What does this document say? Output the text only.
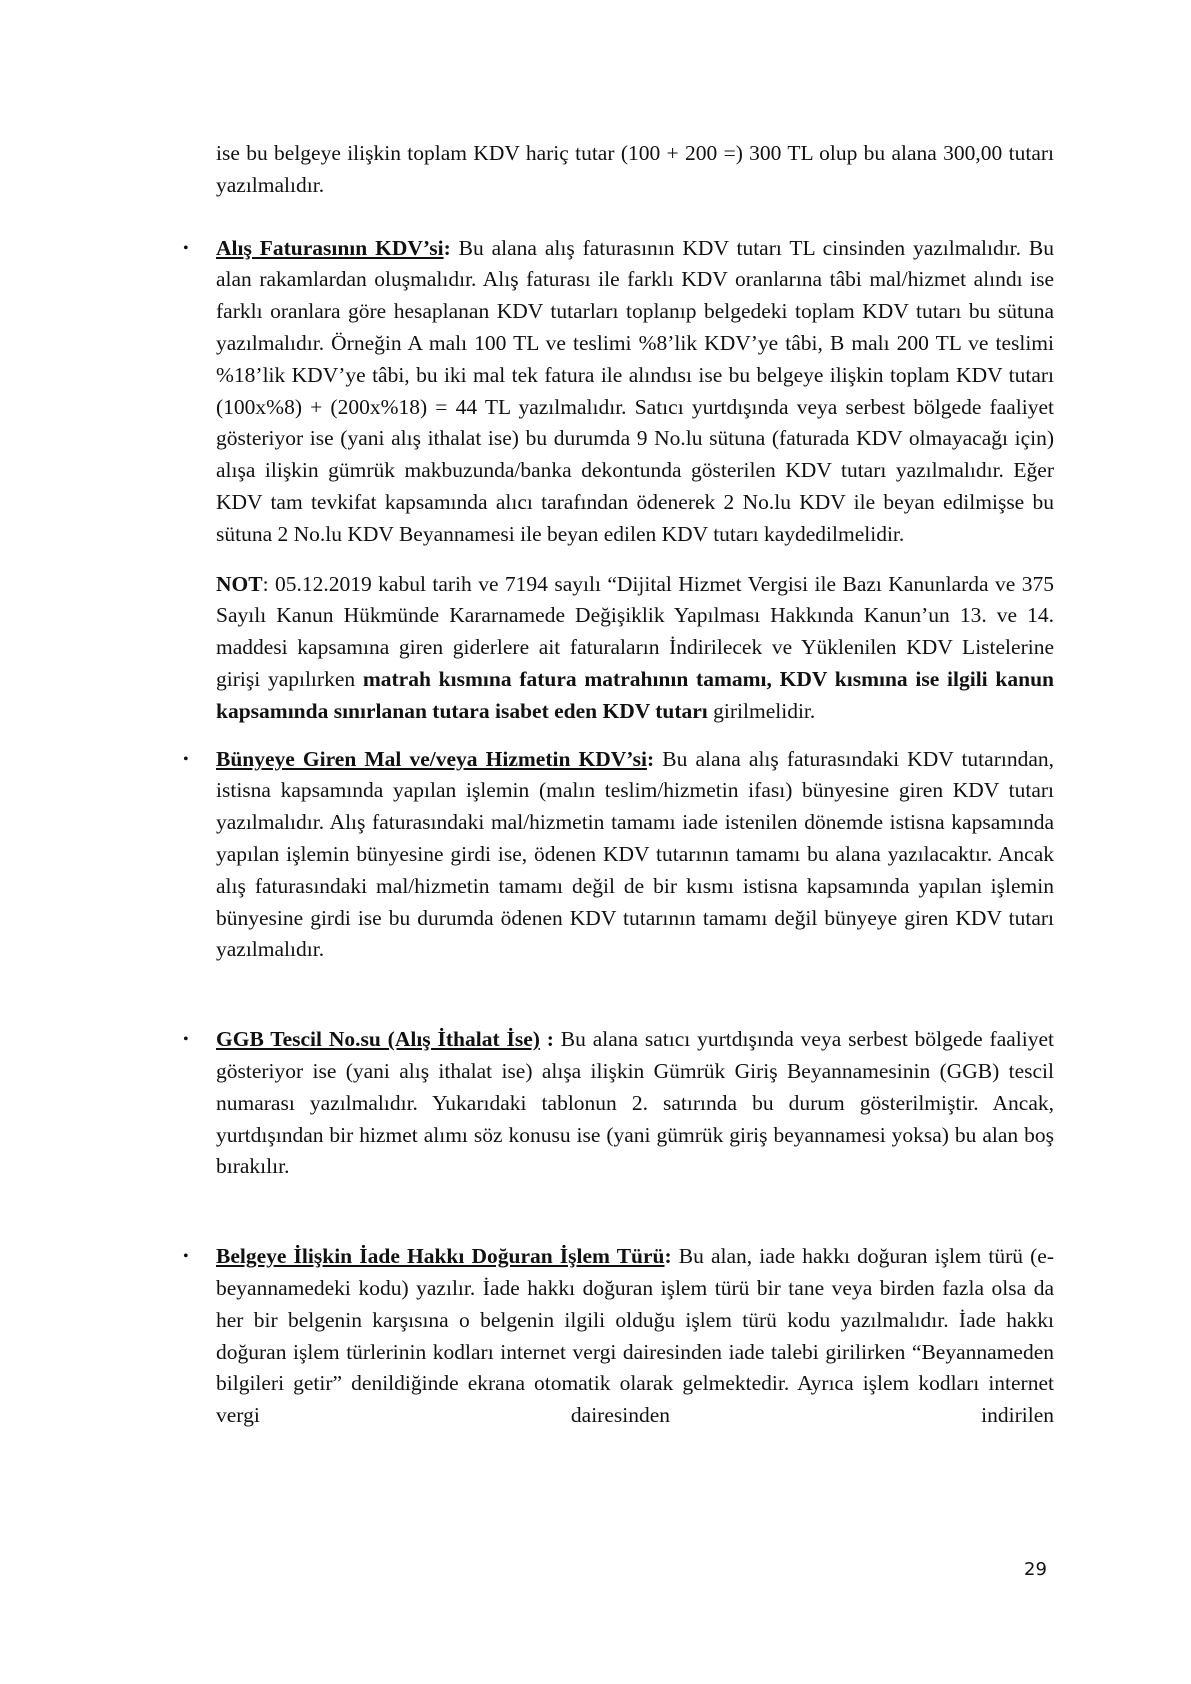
ise bu belgeye ilişkin toplam KDV hariç tutar (100 + 200 =) 300 TL olup bu alana 300,00 tutarı yazılmalıdır.

• Alış Faturasının KDV’si: Bu alana alış faturasının KDV tutarı TL cinsinden yazılmalıdır. Bu alan rakamlardan oluşmalıdır. Alış faturası ile farklı KDV oranlarına tâbi mal/hizmet alındı ise farklı oranlara göre hesaplanan KDV tutarları toplanıp belgedeki toplam KDV tutarı bu sütuna yazılmalıdır. Örneğin A malı 100 TL ve teslimi %8’lik KDV’ye tâbi, B malı 200 TL ve teslimi %18’lik KDV’ye tâbi, bu iki mal tek fatura ile alındısı ise bu belgeye ilişkin toplam KDV tutarı (100x%8) + (200x%18) = 44 TL yazılmalıdır. Satıcı yurtdışında veya serbest bölgede faaliyet gösteriyor ise (yani alış ithalat ise) bu durumda 9 No.lu sütuna (faturada KDV olmayacağı için) alışa ilişkin gümrük makbuzunda/banka dekontunda gösterilen KDV tutarı yazılmalıdır. Eğer KDV tam tevkifat kapsamında alıcı tarafından ödenerek 2 No.lu KDV ile beyan edilmişse bu sütuna 2 No.lu KDV Beyannamesi ile beyan edilen KDV tutarı kaydedilmelidir.

NOT: 05.12.2019 kabul tarih ve 7194 sayılı “Dijital Hizmet Vergisi ile Bazı Kanunlarda ve 375 Sayılı Kanun Hükmünde Kararnamede Değişiklik Yapılması Hakkında Kanun’un 13. ve 14. maddesi kapsamına giren giderlere ait faturaların İndirilecek ve Yüklenilen KDV Listelerine girişi yapılırken matrah kısmına fatura matrahının tamamı, KDV kısmına ise ilgili kanun kapsamında sınırlanan tutara isabet eden KDV tutarı girilmelidir.

• Bünyeye Giren Mal ve/veya Hizmetin KDV’si: Bu alana alış faturasındaki KDV tutarından, istisna kapsamında yapılan işlemin (malın teslim/hizmetin ifası) bünyesine giren KDV tutarı yazılmalıdır. Alış faturasındaki mal/hizmetin tamamı iade istenilen dönemde istisna kapsamında yapılan işlemin bünyesine girdi ise, ödenen KDV tutarının tamamı bu alana yazılacaktır. Ancak alış faturasındaki mal/hizmetin tamamı değil de bir kısmı istisna kapsamında yapılan işlemin bünyesine girdi ise bu durumda ödenen KDV tutarının tamamı değil bünyeye giren KDV tutarı yazılmalıdır.

• GGB Tescil No.su (Alış İthalat İse) : Bu alana satıcı yurtdışında veya serbest bölgede faaliyet gösteriyor ise (yani alış ithalat ise) alışa ilişkin Gümrük Giriş Beyannamesinin (GGB) tescil numarası yazılmalıdır. Yukarıdaki tablonun 2. satırında bu durum gösterilmiştir. Ancak, yurtdışından bir hizmet alımı söz konusu ise (yani gümrük giriş beyannamesi yoksa) bu alan boş bırakılır.

• Belgeye İlişkin İade Hakkı Doğuran İşlem Türü: Bu alan, iade hakkı doğuran işlem türü (e-beyannamedeki kodu) yazılır. İade hakkı doğuran işlem türü bir tane veya birden fazla olsa da her bir belgenin karşısına o belgenin ilgili olduğu işlem türü kodu yazılmalıdır. İade hakkı doğuran işlem türlerinin kodları internet vergi dairesinden iade talebi girilirken “Beyannameden bilgileri getir” denildiğinde ekrana otomatik olarak gelmektedir. Ayrıca işlem kodları internet vergi dairesinden indirilen

29
